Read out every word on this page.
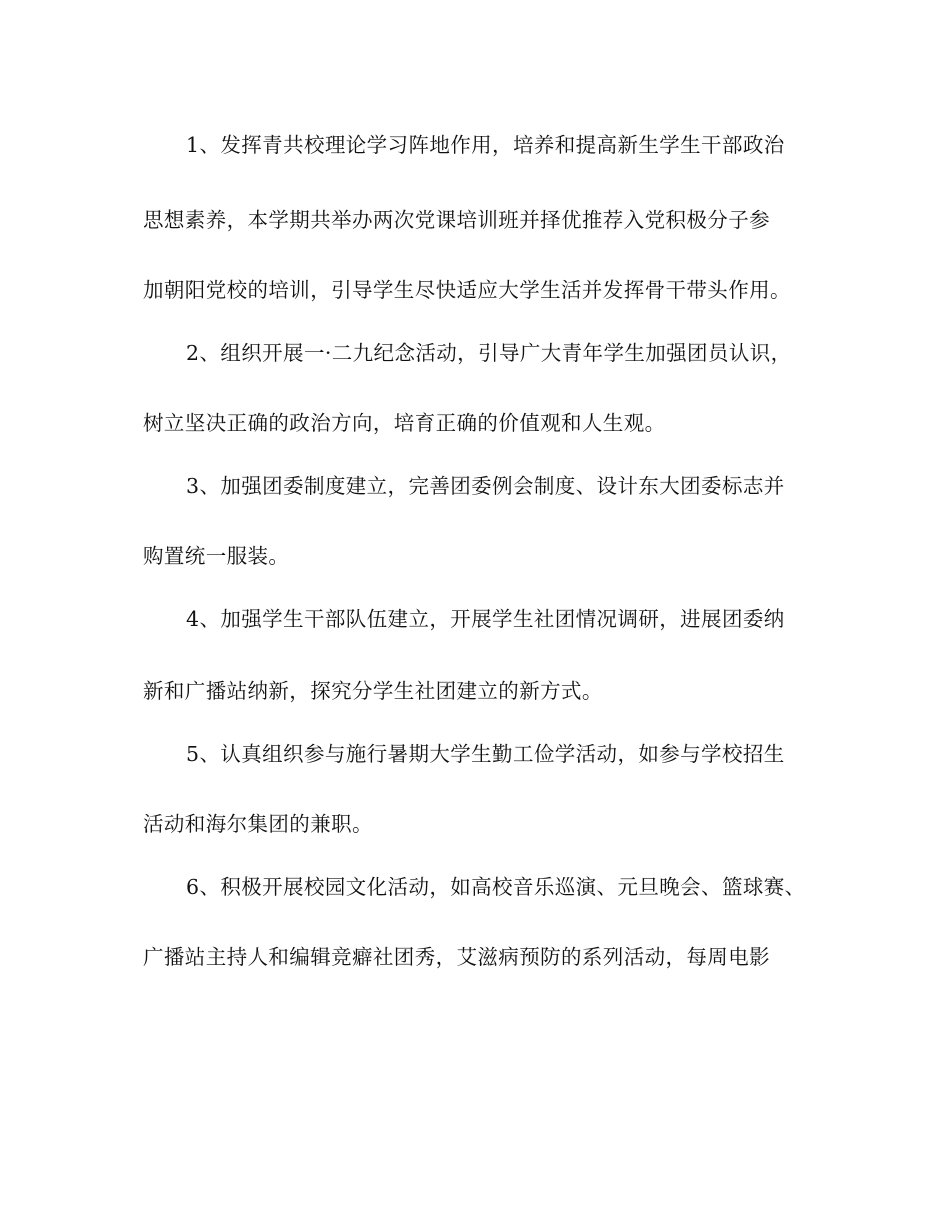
1、发挥青共校理论学习阵地作用，培养和提高新生学生干部政治
思想素养，本学期共举办两次党课培训班并择优推荐入党积极分子参
加朝阳党校的培训，引导学生尽快适应大学生活并发挥骨干带头作用。
2、组织开展一·二九纪念活动，引导广大青年学生加强团员认识，
树立坚决正确的政治方向，培育正确的价值观和人生观。
3、加强团委制度建立，完善团委例会制度、设计东大团委标志并
购置统一服装。
4、加强学生干部队伍建立，开展学生社团情况调研，进展团委纳
新和广播站纳新，探究分学生社团建立的新方式。
5、认真组织参与施行暑期大学生勤工俭学活动，如参与学校招生
活动和海尔集团的兼职。
6、积极开展校园文化活动，如高校音乐巡演、元旦晚会、篮球赛、
广播站主持人和编辑竞癖社团秀，艾滋病预防的系列活动，每周电影
